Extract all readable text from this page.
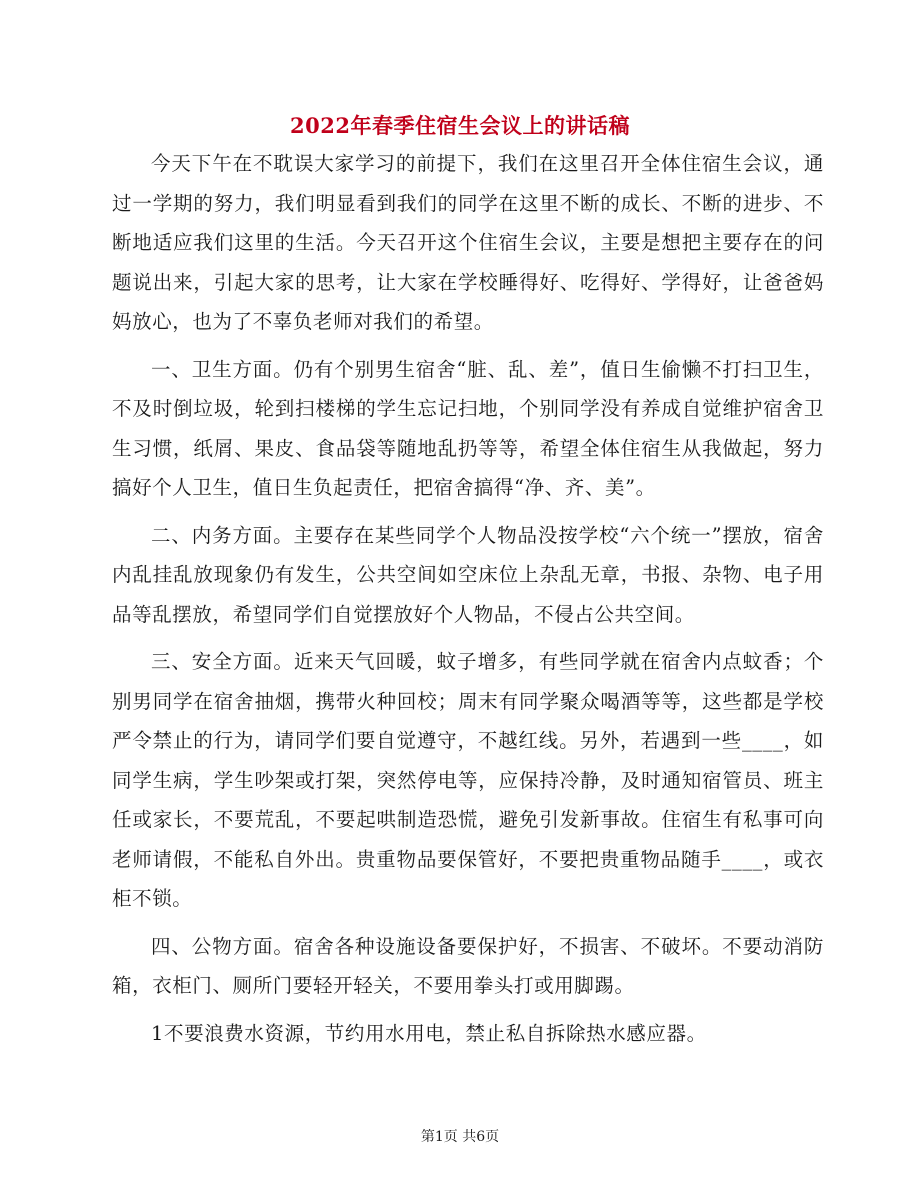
2022年春季住宿生会议上的讲话稿

今天下午在不耽误大家学习的前提下，我们在这里召开全体住宿生会议，通过一学期的努力，我们明显看到我们的同学在这里不断的成长、不断的进步、不断地适应我们这里的生活。今天召开这个住宿生会议，主要是想把主要存在的问题说出来，引起大家的思考，让大家在学校睡得好、吃得好、学得好，让爸爸妈妈放心，也为了不辜负老师对我们的希望。

一、卫生方面。仍有个别男生宿舍“脏、乱、差”，值日生偷懒不打扫卫生，不及时倒垃圾，轮到扫楼梯的学生忘记扫地，个别同学没有养成自觉维护宿舍卫生习惯，纸屑、果皮、食品袋等随地乱扔等等，希望全体住宿生从我做起，努力搞好个人卫生，值日生负起责任，把宿舍搞得“净、齐、美”。

二、内务方面。主要存在某些同学个人物品没按学校“六个统一”摆放，宿舍内乱挂乱放现象仍有发生，公共空间如空床位上杂乱无章，书报、杂物、电子用品等乱摆放，希望同学们自觉摆放好个人物品，不侵占公共空间。

三、安全方面。近来天气回暖，蚊子增多，有些同学就在宿舍内点蚊香；个别男同学在宿舍抽烟，携带火种回校；周末有同学聚众喝酒等等，这些都是学校严令禁止的行为，请同学们要自觉遵守，不越红线。另外，若遇到一些____，如同学生病，学生吵架或打架，突然停电等，应保持冷静，及时通知宿管员、班主任或家长，不要荒乱，不要起哄制造恐慌，避免引发新事故。住宿生有私事可向老师请假，不能私自外出。贵重物品要保管好，不要把贵重物品随手____，或衣柜不锁。

四、公物方面。宿舍各种设施设备要保护好，不损害、不破坏。不要动消防箱，衣柜门、厕所门要轻开轻关，不要用拳头打或用脚踢。

1不要浪费水资源，节约用水用电，禁止私自拆除热水感应器。

第1页 共6页
